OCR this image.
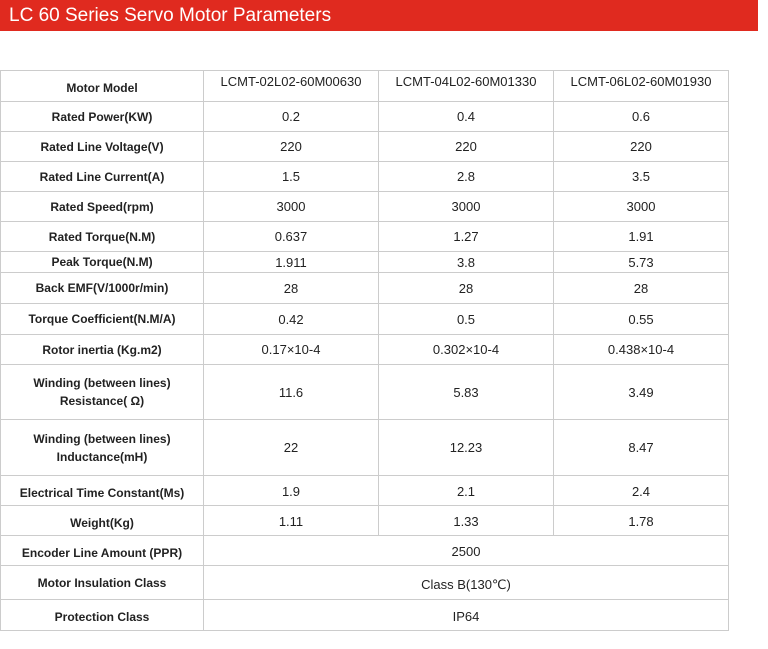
LC 60 Series Servo Motor Parameters
Motor Model	LCMT-02L02-60M00630	LCMT-04L02-60M01330	LCMT-06L02-60M01930
Rated Power(KW)	0.2	0.4	0.6
Rated Line Voltage(V)	220	220	220
Rated Line Current(A)	1.5	2.8	3.5
Rated Speed(rpm)	3000	3000	3000
Rated Torque(N.M)	0.637	1.27	1.91
Peak Torque(N.M)	1.911	3.8	5.73
Back EMF(V/1000r/min)	28	28	28
Torque Coefficient(N.M/A)	0.42	0.5	0.55
Rotor inertia (Kg.m2)	0.17×10-4	0.302×10-4	0.438×10-4

Winding (between lines)
Resistance( Ω)	11.6	5.83	3.49

Winding (between lines)
Inductance(mH)	22	12.23	8.47
Electrical Time Constant(Ms)	1.9	2.1	2.4
Weight(Kg)	1.11	1.33	1.78
Encoder Line Amount (PPR)	2500		
Motor Insulation Class	Class B(130℃)		
Protection Class	IP64		
